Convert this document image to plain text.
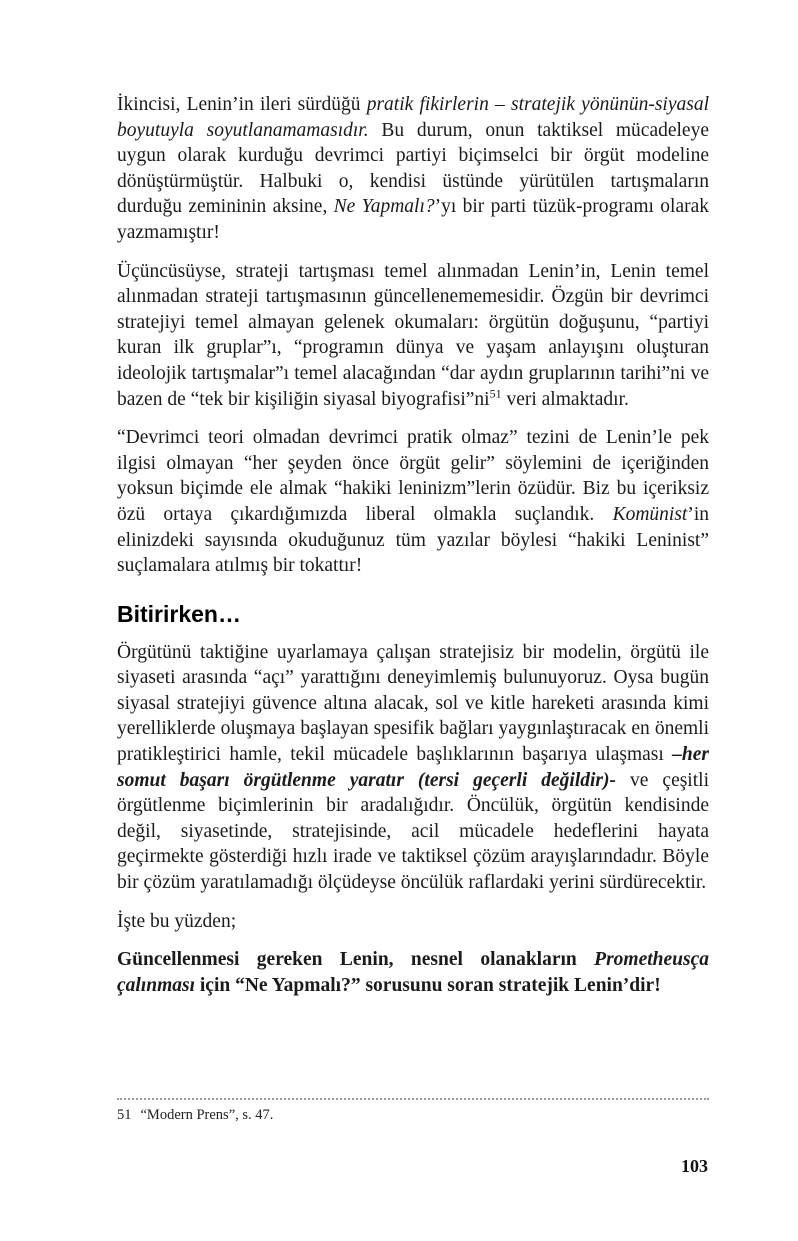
İkincisi, Lenin’in ileri sürdüğü pratik fikirlerin – stratejik yönünün-siyasal boyutuyla soyutlanamamasıdır. Bu durum, onun taktiksel mücadeleye uygun olarak kurduğu devrimci partiyi biçimselci bir örgüt modeline dönüştürmüştür. Halbuki o, kendisi üstünde yürütülen tartışmaların durduğu zemininin aksine, Ne Yapmalı?’yı bir parti tüzük-programı olarak yazmamıştır!

Üçüncüsüyse, strateji tartışması temel alınmadan Lenin’in, Lenin temel alınmadan strateji tartışmasının güncellenememesidir. Özgün bir devrimci stratejiyi temel almayan gelenek okumaları: örgütün doğuşunu, “partiyi kuran ilk gruplar”ı, “programın dünya ve yaşam anlayışını oluşturan ideolojik tartışmalar”ı temel alacağından “dar aydın gruplarının tarihi”ni ve bazen de “tek bir kişiliğin siyasal $biyografisi”ni^{51}$ veri almaktadır.

“Devrimci teori olmadan devrimci pratik olmaz” tezini de Lenin’le pek ilgisi olmayan “her şeyden önce örgüt gelir” söylemini de içeriğinden yoksun biçimde ele almak “hakiki leninizm”lerin özüdür. Biz bu içeriksiz özü ortaya çıkardığımızda liberal olmakla suçlandık. Komünist’in elinizdeki sayısında okuduğunuz tüm yazılar böylesi “hakiki Leninist” suçlamalara atılmış bir tokattır!

Bitirirken…

Örgütünü taktiğine uyarlamaya çalışan stratejisiz bir modelin, örgütü ile siyaseti arasında “açı” yarattığını deneyimlemiş bulunuyoruz. Oysa bugün siyasal stratejiyi güvence altına alacak, sol ve kitle hareketi arasında kimi yerelliklerde oluşmaya başlayan spesifik bağları yaygınlaştıracak en önemli pratikleştirici hamle, tekil mücadele başlıklarının başarıya ulaşması –her somut başarı örgütlenme yaratır (tersi geçerli değildir)- ve çeşitli örgütlenme biçimlerinin bir aradalığıdır. Öncülük, örgütün kendisinde değil, siyasetinde, stratejisinde, acil mücadele hedeflerini hayata geçirmekte gösterdiği hızlı irade ve taktiksel çözüm arayışlarındadır. Böyle bir çözüm yaratılamadığı ölçüdeyse öncülük raflardaki yerini sürdürecektir.

İşte bu yüzden;

Güncellenmesi gereken Lenin, nesnel olanakların Prometheusça çalınması için “Ne Yapmalı?” sorusunu soran stratejik Lenin’dir!

51 “Modern Prens”, s. 47.

103
